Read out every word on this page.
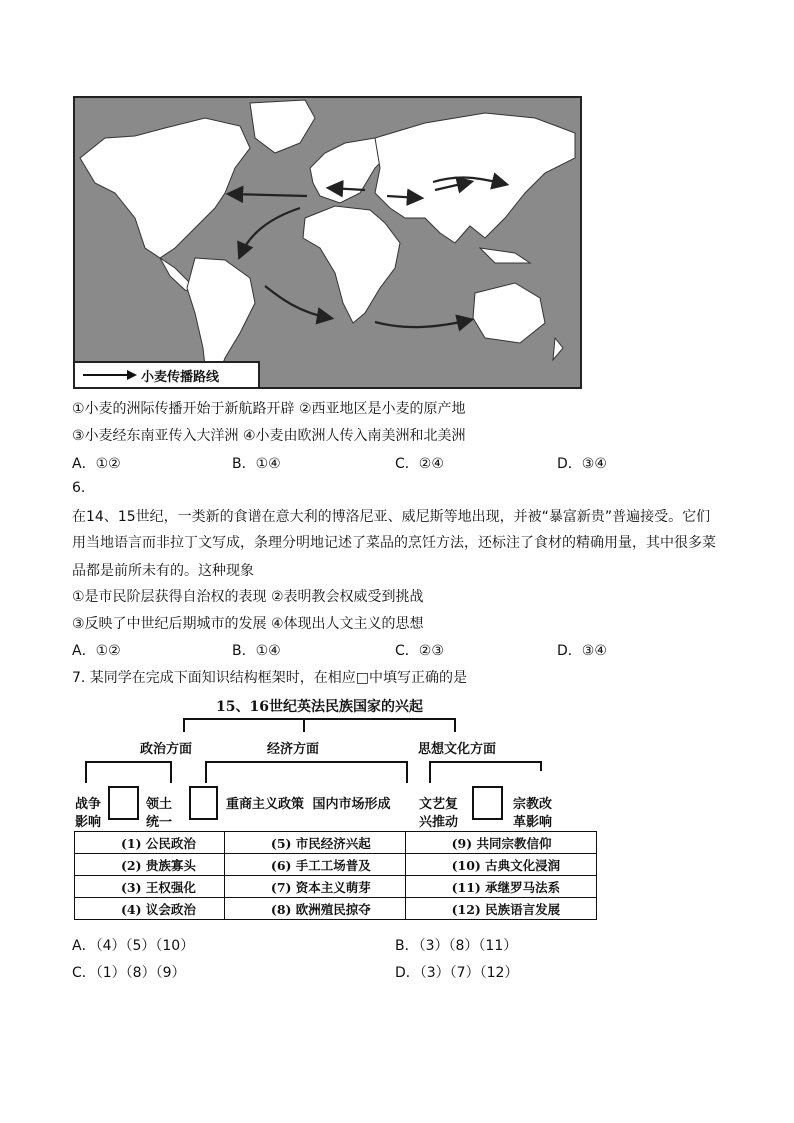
小麦传播路线
①小麦的洲际传播开始于新航路开辟 ②西亚地区是小麦的原产地
③小麦经东南亚传入大洋洲 ④小麦由欧洲人传入南美洲和北美洲
A．①②	B．①④	C．②④	D．③④
6.
在14、15世纪，一类新的食谱在意大利的博洛尼亚、威尼斯等地出现，并被“暴富新贵”普遍接受。它们
用当地语言而非拉丁文写成，条理分明地记述了菜品的烹饪方法，还标注了食材的精确用量，其中很多菜
品都是前所未有的。这种现象
①是市民阶层获得自治权的表现 ②表明教会权威受到挑战
③反映了中世纪后期城市的发展 ④体现出人文主义的思想
A．①②	B．①④	C．②③	D．③④
7. 某同学在完成下面知识结构框架时，在相应□中填写正确的是
15、16世纪英法民族国家的兴起
政治方面	经济方面	思想文化方面
战争
影响
领土
统一
重商主义政策 国内市场形成 文艺复
兴推动
宗教改
革影响
(1) 公民政治	(5) 市民经济兴起	(9) 共同宗教信仰
(2) 贵族寡头	(6) 手工工场普及	(10) 古典文化浸润
(3) 王权强化	(7) 资本主义萌芽	(11) 承继罗马法系
(4) 议会政治	(8) 欧洲殖民掠夺	(12) 民族语言发展
A．（4）（5）（10）	B．（3）（8）（11）
C．（1）（8）（9）	D．（3）（7）（12）
